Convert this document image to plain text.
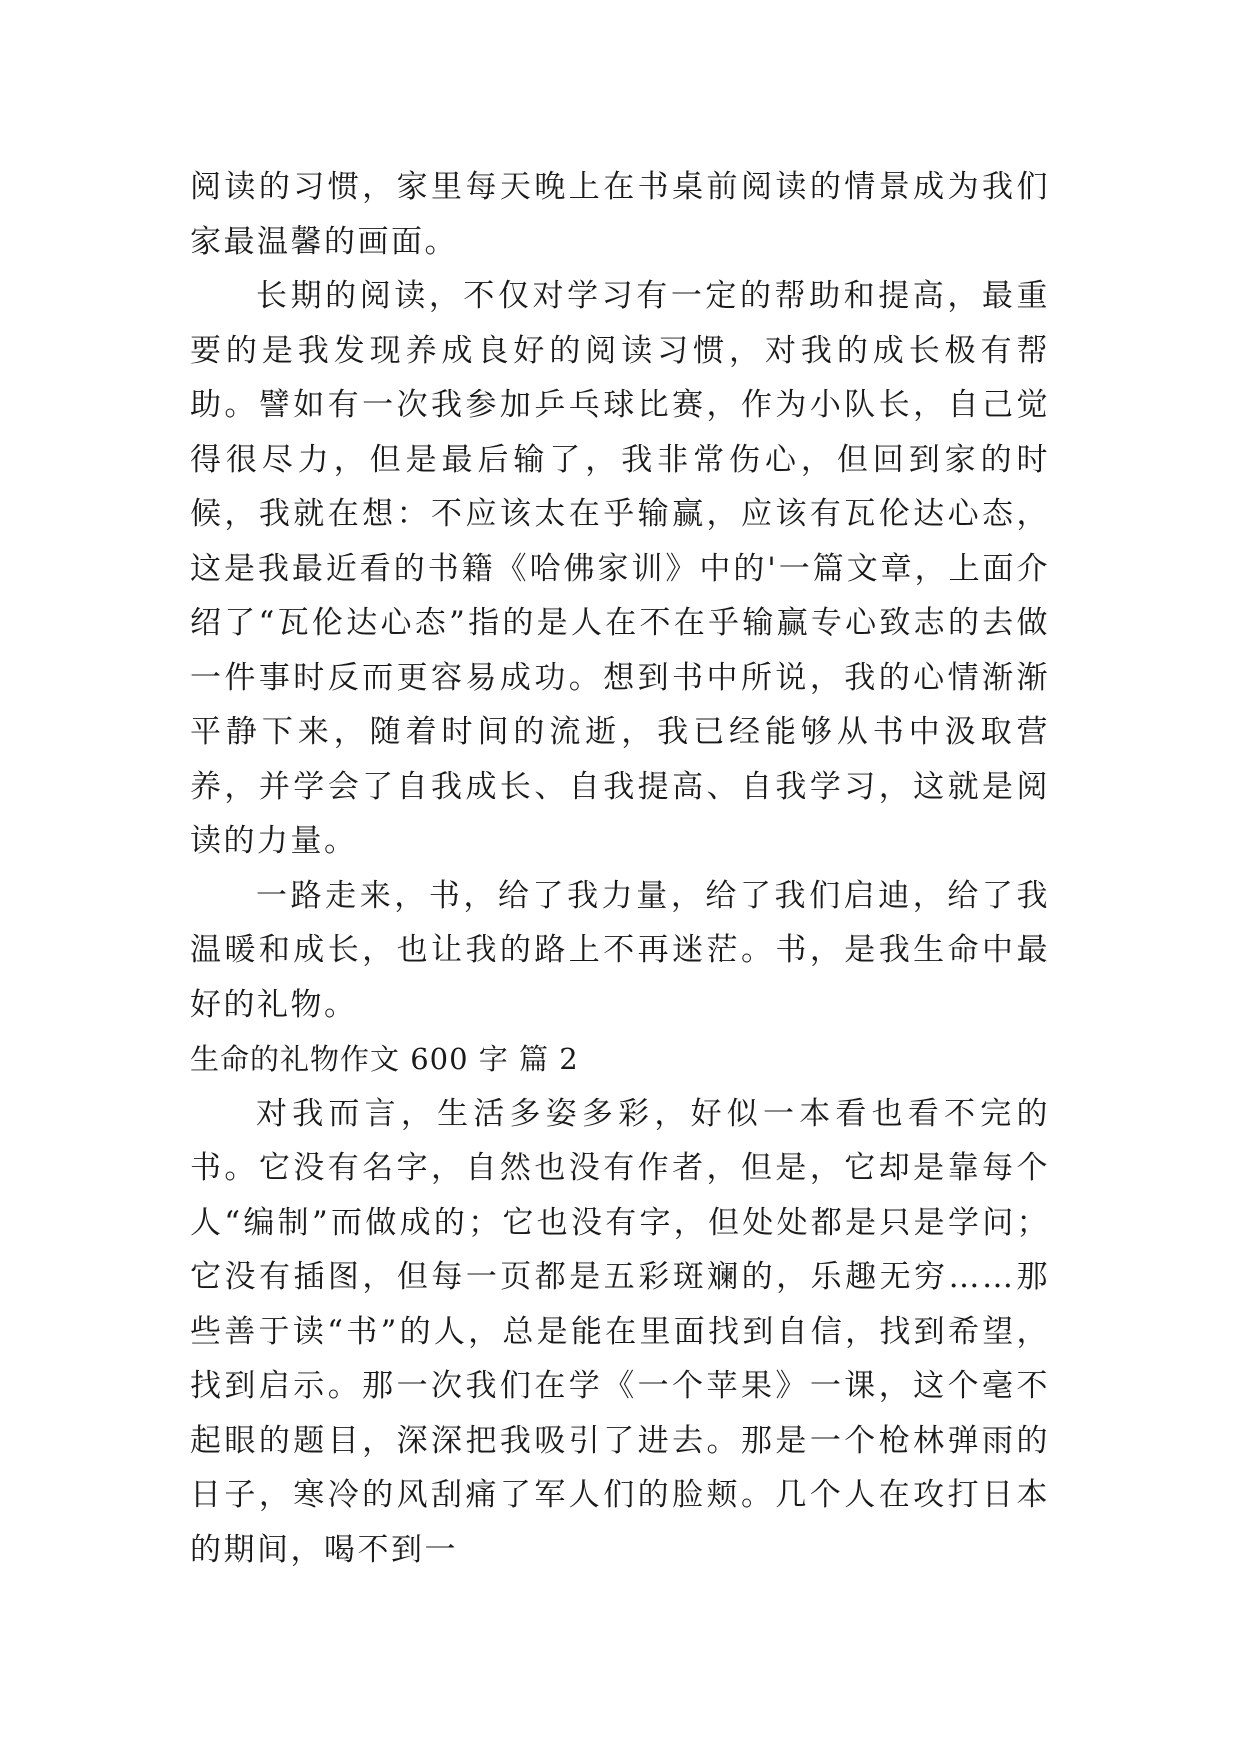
阅读的习惯，家里每天晚上在书桌前阅读的情景成为我们家最温馨的画面。

长期的阅读，不仅对学习有一定的帮助和提高，最重要的是我发现养成良好的阅读习惯，对我的成长极有帮助。譬如有一次我参加乒乓球比赛，作为小队长，自己觉得很尽力，但是最后输了，我非常伤心，但回到家的时候，我就在想：不应该太在乎输赢，应该有瓦伦达心态，这是我最近看的书籍《哈佛家训》中的'一篇文章，上面介绍了“瓦伦达心态”指的是人在不在乎输赢专心致志的去做一件事时反而更容易成功。想到书中所说，我的心情渐渐平静下来，随着时间的流逝，我已经能够从书中汲取营养，并学会了自我成长、自我提高、自我学习，这就是阅读的力量。

一路走来，书，给了我力量，给了我们启迪，给了我温暖和成长，也让我的路上不再迷茫。书，是我生命中最好的礼物。

生命的礼物作文 600 字 篇 2

对我而言，生活多姿多彩，好似一本看也看不完的书。它没有名字，自然也没有作者，但是，它却是靠每个人“编制”而做成的；它也没有字，但处处都是只是学问；它没有插图，但每一页都是五彩斑斓的，乐趣无穷……那些善于读“书”的人，总是能在里面找到自信，找到希望，找到启示。那一次我们在学《一个苹果》一课，这个毫不起眼的题目，深深把我吸引了进去。那是一个枪林弹雨的日子，寒冷的风刮痛了军人们的脸颊。几个人在攻打日本的期间，喝不到一
